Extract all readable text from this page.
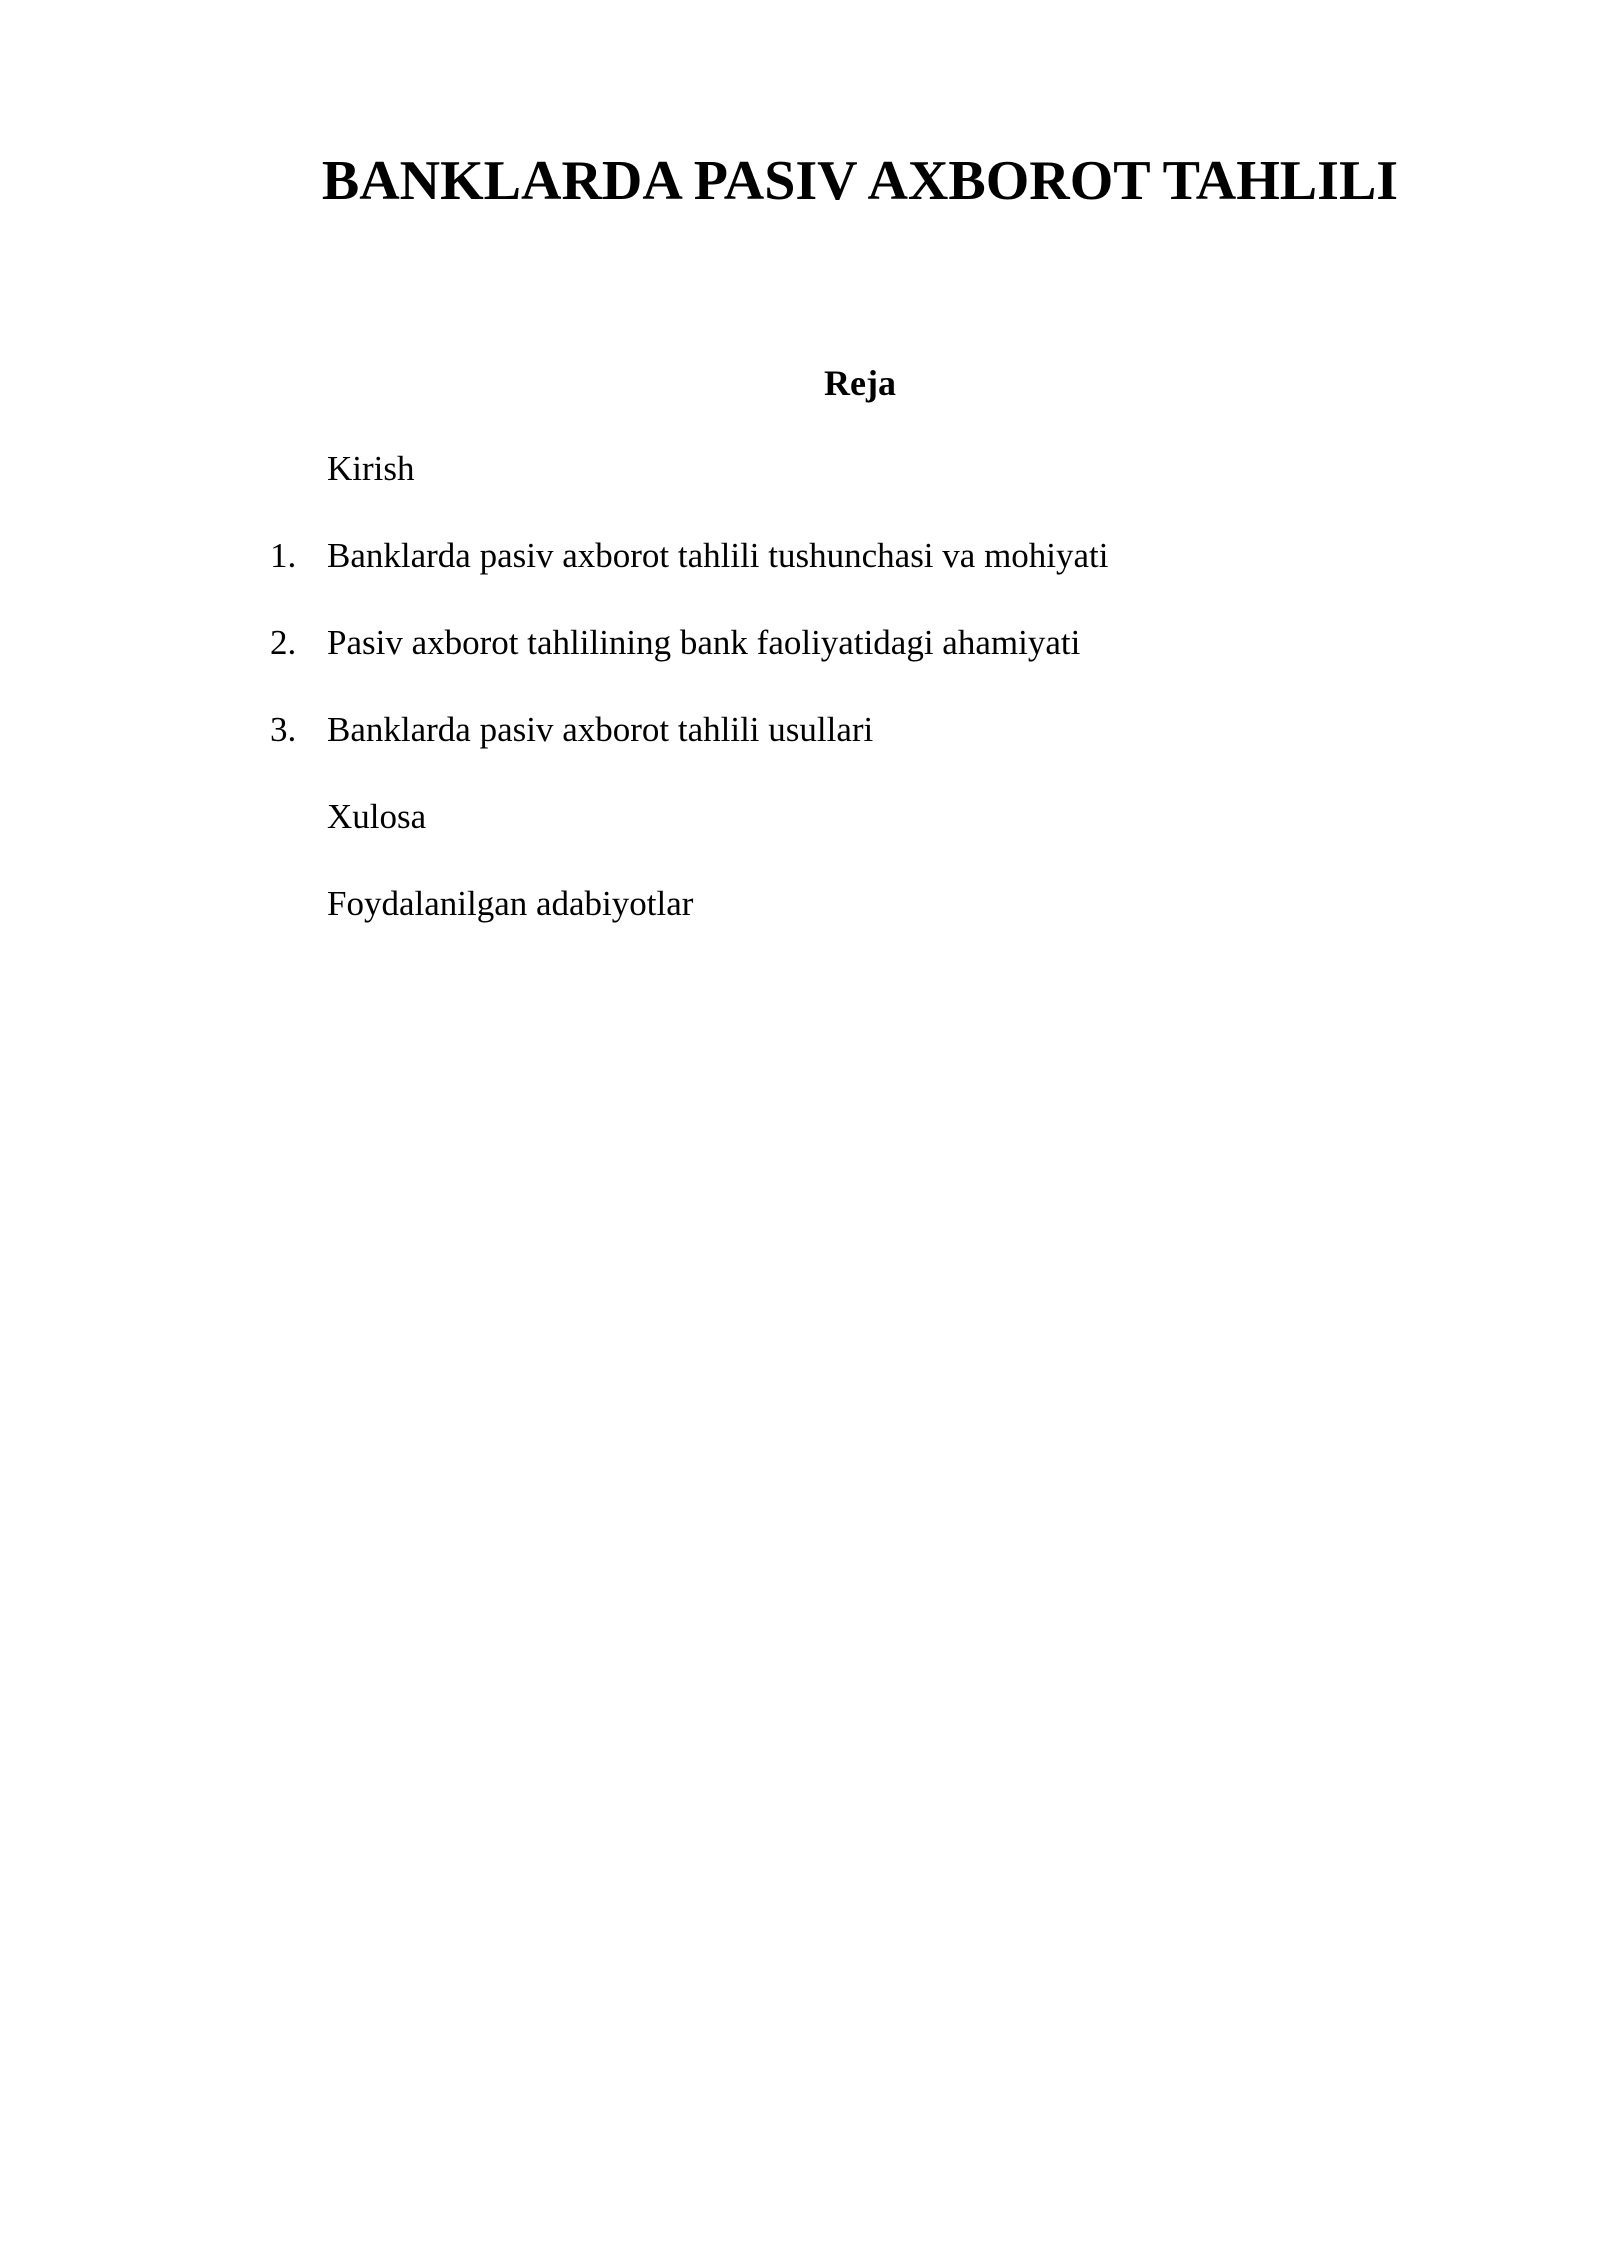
BANKLARDA PASIV AXBOROT TAHLILI
Reja
Kirish
1. Banklarda pasiv axborot tahlili tushunchasi va mohiyati
2. Pasiv axborot tahlilining bank faoliyatidagi ahamiyati
3. Banklarda pasiv axborot tahlili usullari
Xulosa
Foydalanilgan adabiyotlar
